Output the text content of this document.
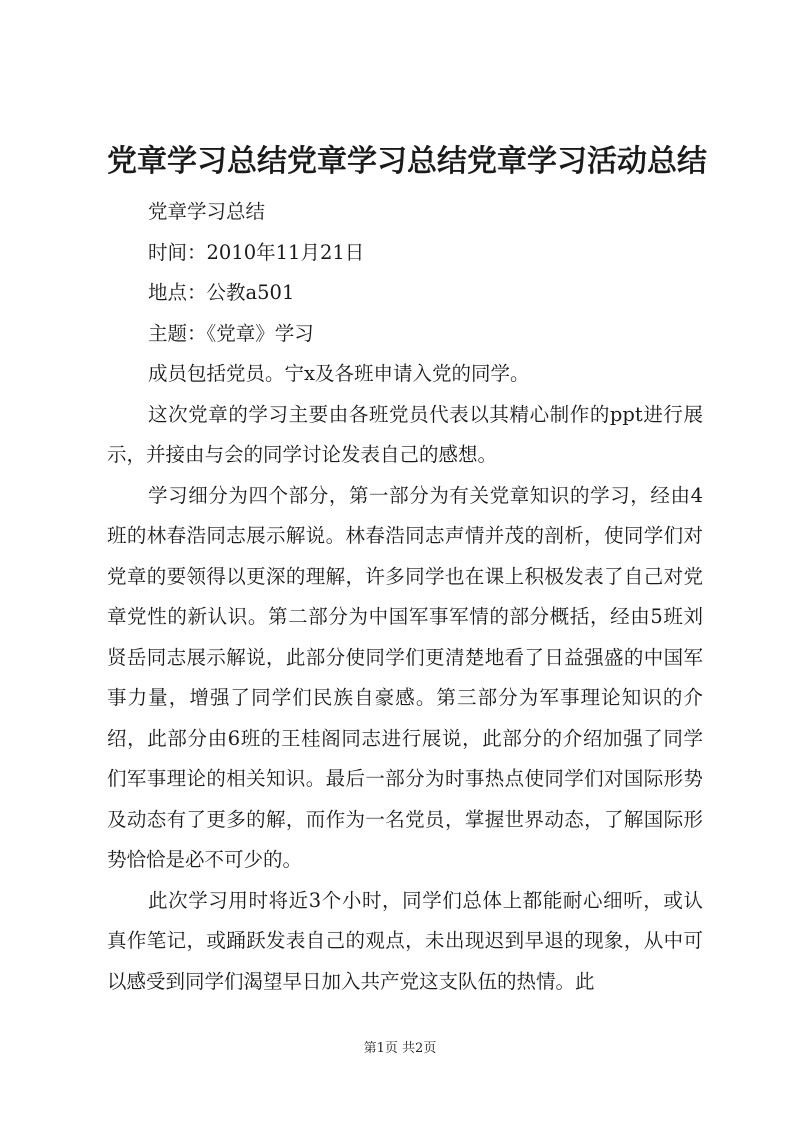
党章学习总结党章学习总结党章学习活动总结

党章学习总结

时间：2010年11月21日

地点：公教a501

主题：《党章》学习

成员包括党员。宁x及各班申请入党的同学。

这次党章的学习主要由各班党员代表以其精心制作的ppt进行展示，并接由与会的同学讨论发表自己的感想。

学习细分为四个部分，第一部分为有关党章知识的学习，经由4班的林春浩同志展示解说。林春浩同志声情并茂的剖析，使同学们对党章的要领得以更深的理解，许多同学也在课上积极发表了自己对党章党性的新认识。第二部分为中国军事军情的部分概括，经由5班刘贤岳同志展示解说，此部分使同学们更清楚地看了日益强盛的中国军事力量，增强了同学们民族自豪感。第三部分为军事理论知识的介绍，此部分由6班的王桂阁同志进行展说，此部分的介绍加强了同学们军事理论的相关知识。最后一部分为时事热点使同学们对国际形势及动态有了更多的解，而作为一名党员，掌握世界动态，了解国际形势恰恰是必不可少的。

此次学习用时将近3个小时，同学们总体上都能耐心细听，或认真作笔记，或踊跃发表自己的观点，未出现迟到早退的现象，从中可以感受到同学们渴望早日加入共产党这支队伍的热情。此

第1页 共2页
